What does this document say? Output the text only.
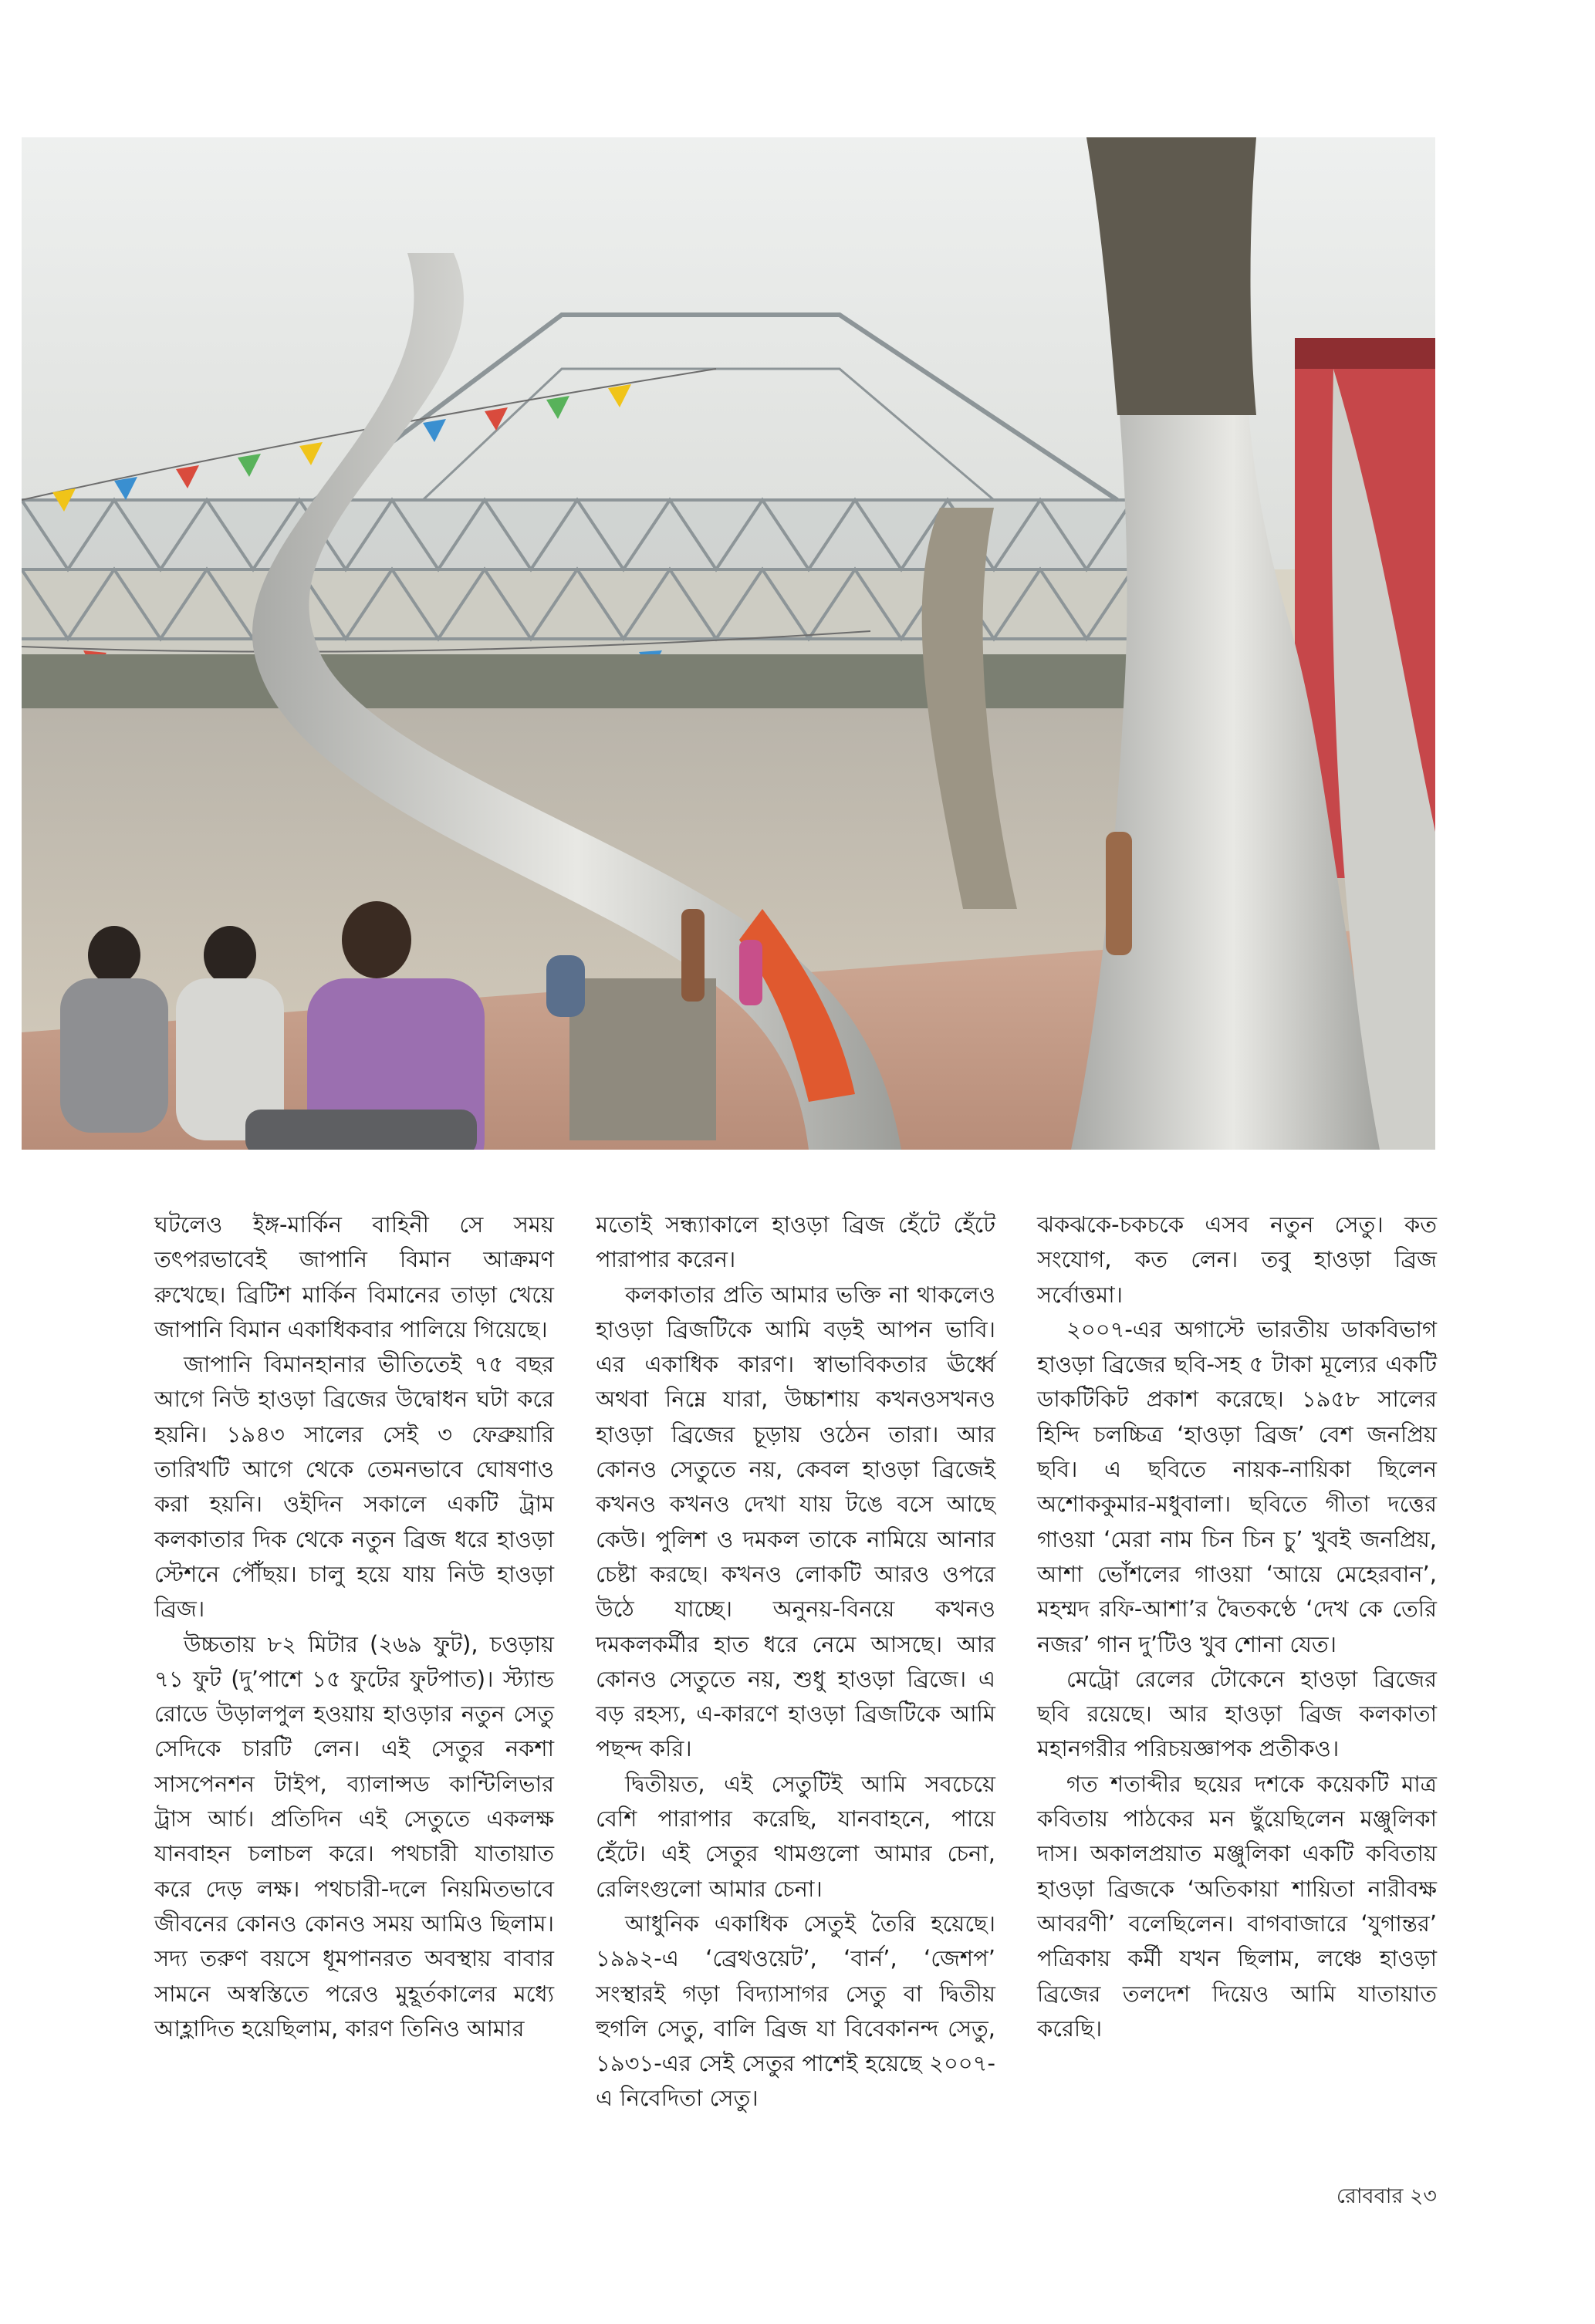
ঘটলেও ইঙ্গ-মার্কিন বাহিনী সে সময় তৎপরভাবেই জাপানি বিমান আক্রমণ রুখেছে। ব্রিটিশ মার্কিন বিমানের তাড়া খেয়ে জাপানি বিমান একাধিকবার পালিয়ে গিয়েছে।

জাপানি বিমানহানার ভীতিতেই ৭৫ বছর আগে নিউ হাওড়া ব্রিজের উদ্বোধন ঘটা করে হয়নি। ১৯৪৩ সালের সেই ৩ ফেব্রুয়ারি তারিখটি আগে থেকে তেমনভাবে ঘোষণাও করা হয়নি। ওইদিন সকালে একটি ট্রাম কলকাতার দিক থেকে নতুন ব্রিজ ধরে হাওড়া স্টেশনে পৌঁছয়। চালু হয়ে যায় নিউ হাওড়া ব্রিজ।

উচ্চতায় ৮২ মিটার (২৬৯ ফুট), চওড়ায় ৭১ ফুট (দু’পাশে ১৫ ফুটের ফুটপাত)। স্ট্যান্ড রোডে উড়ালপুল হওয়ায় হাওড়ার নতুন সেতু সেদিকে চারটি লেন। এই সেতুর নকশা সাসপেনশন টাইপ, ব্যালান্সড কান্টিলিভার ট্রাস আর্চ। প্রতিদিন এই সেতুতে একলক্ষ যানবাহন চলাচল করে। পথচারী যাতায়াত করে দেড় লক্ষ। পথচারী-দলে নিয়মিতভাবে জীবনের কোনও কোনও সময় আমিও ছিলাম। সদ্য তরুণ বয়সে ধূমপানরত অবস্থায় বাবার সামনে অস্বস্তিতে পরেও মুহূর্তকালের মধ্যে আহ্লাদিত হয়েছিলাম, কারণ তিনিও আমার

মতোই সন্ধ্যাকালে হাওড়া ব্রিজ হেঁটে হেঁটে পারাপার করেন।

কলকাতার প্রতি আমার ভক্তি না থাকলেও হাওড়া ব্রিজটিকে আমি বড়ই আপন ভাবি। এর একাধিক কারণ। স্বাভাবিকতার ঊর্ধ্বে অথবা নিম্নে যারা, উচ্চাশায় কখনওসখনও হাওড়া ব্রিজের চূড়ায় ওঠেন তারা। আর কোনও সেতুতে নয়, কেবল হাওড়া ব্রিজেই কখনও কখনও দেখা যায় টঙে বসে আছে কেউ। পুলিশ ও দমকল তাকে নামিয়ে আনার চেষ্টা করছে। কখনও লোকটি আরও ওপরে উঠে যাচ্ছে। অনুনয়-বিনয়ে কখনও দমকলকর্মীর হাত ধরে নেমে আসছে। আর কোনও সেতুতে নয়, শুধু হাওড়া ব্রিজে। এ বড় রহস্য, এ-কারণে হাওড়া ব্রিজটিকে আমি পছন্দ করি।

দ্বিতীয়ত, এই সেতুটিই আমি সবচেয়ে বেশি পারাপার করেছি, যানবাহনে, পায়ে হেঁটে। এই সেতুর থামগুলো আমার চেনা, রেলিংগুলো আমার চেনা।

আধুনিক একাধিক সেতুই তৈরি হয়েছে। ১৯৯২-এ ‘ব্রেথওয়েট’, ‘বার্ন’, ‘জেশপ’ সংস্থারই গড়া বিদ্যাসাগর সেতু বা দ্বিতীয় হুগলি সেতু, বালি ব্রিজ যা বিবেকানন্দ সেতু, ১৯৩১-এর সেই সেতুর পাশেই হয়েছে ২০০৭-এ নিবেদিতা সেতু।

ঝকঝকে-চকচকে এসব নতুন সেতু। কত সংযোগ, কত লেন। তবু হাওড়া ব্রিজ সর্বোত্তমা।

২০০৭-এর অগাস্টে ভারতীয় ডাকবিভাগ হাওড়া ব্রিজের ছবি-সহ ৫ টাকা মূল্যের একটি ডাকটিকিট প্রকাশ করেছে। ১৯৫৮ সালের হিন্দি চলচ্চিত্র ‘হাওড়া ব্রিজ’ বেশ জনপ্রিয় ছবি। এ ছবিতে নায়ক-নায়িকা ছিলেন অশোককুমার-মধুবালা। ছবিতে গীতা দত্তের গাওয়া ‘মেরা নাম চিন চিন চু’ খুবই জনপ্রিয়, আশা ভোঁশলের গাওয়া ‘আয়ে মেহেরবান’, মহম্মদ রফি-আশা’র দ্বৈতকণ্ঠে ‘দেখ কে তেরি নজর’ গান দু’টিও খুব শোনা যেত।

মেট্রো রেলের টোকেনে হাওড়া ব্রিজের ছবি রয়েছে। আর হাওড়া ব্রিজ কলকাতা মহানগরীর পরিচয়জ্ঞাপক প্রতীকও।

গত শতাব্দীর ছয়ের দশকে কয়েকটি মাত্র কবিতায় পাঠকের মন ছুঁয়েছিলেন মঞ্জুলিকা দাস। অকালপ্রয়াত মঞ্জুলিকা একটি কবিতায় হাওড়া ব্রিজকে ‘অতিকায়া শায়িতা নারীবক্ষ আবরণী’ বলেছিলেন। বাগবাজারে ‘যুগান্তর’ পত্রিকায় কর্মী যখন ছিলাম, লঞ্চে হাওড়া ব্রিজের তলদেশ দিয়েও আমি যাতায়াত করেছি।

রোববার ২৩
